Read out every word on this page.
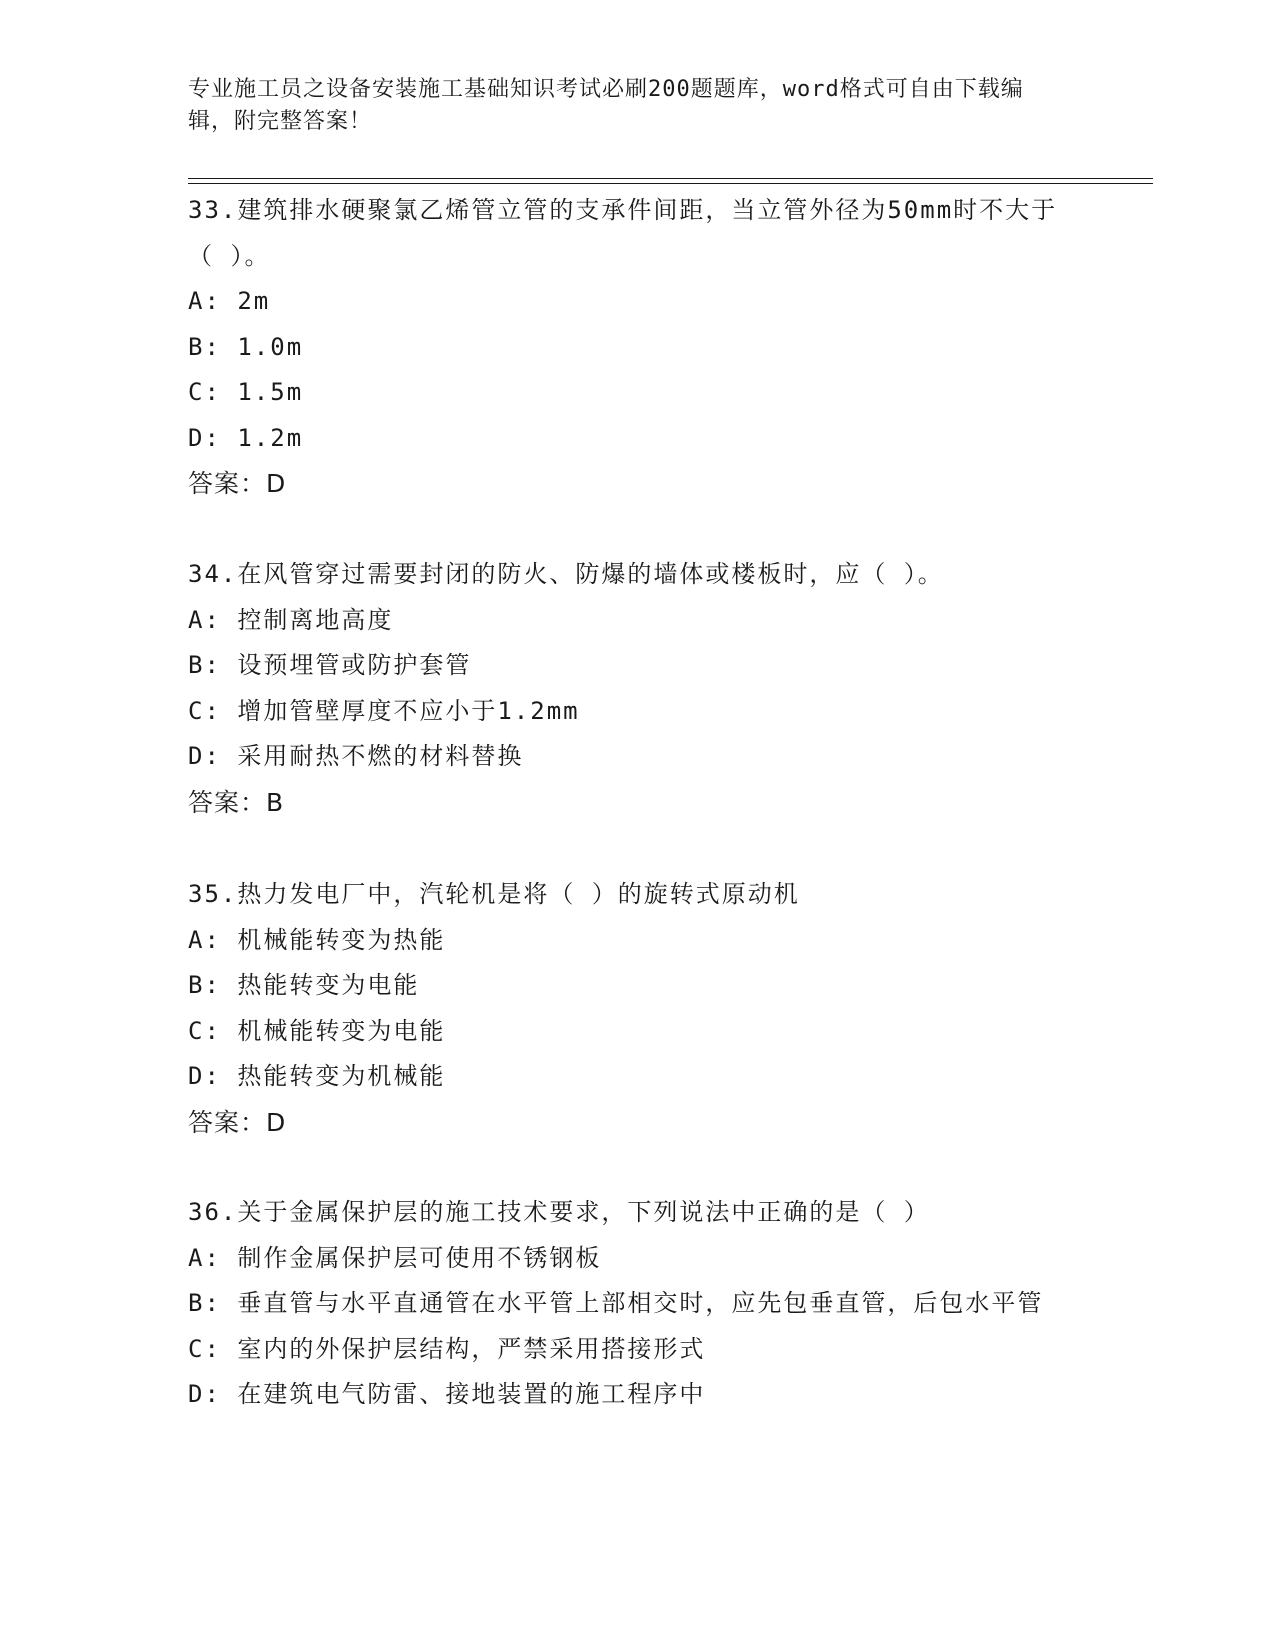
专业施工员之设备安装施工基础知识考试必刷200题题库，word格式可自由下载编辑，附完整答案！

33.建筑排水硬聚氯乙烯管立管的支承件间距，当立管外径为50mm时不大于（ ）。

A: 2m

B: 1.0m

C: 1.5m

D: 1.2m

答案：D

34.在风管穿过需要封闭的防火、防爆的墙体或楼板时，应（ ）。

A: 控制离地高度

B: 设预埋管或防护套管

C: 增加管壁厚度不应小于1.2mm

D: 采用耐热不燃的材料替换

答案：B

35.热力发电厂中，汽轮机是将（ ）的旋转式原动机

A: 机械能转变为热能

B: 热能转变为电能

C: 机械能转变为电能

D: 热能转变为机械能

答案：D

36.关于金属保护层的施工技术要求，下列说法中正确的是（ ）

A: 制作金属保护层可使用不锈钢板

B: 垂直管与水平直通管在水平管上部相交时，应先包垂直管，后包水平管

C: 室内的外保护层结构，严禁采用搭接形式

D: 在建筑电气防雷、接地装置的施工程序中
